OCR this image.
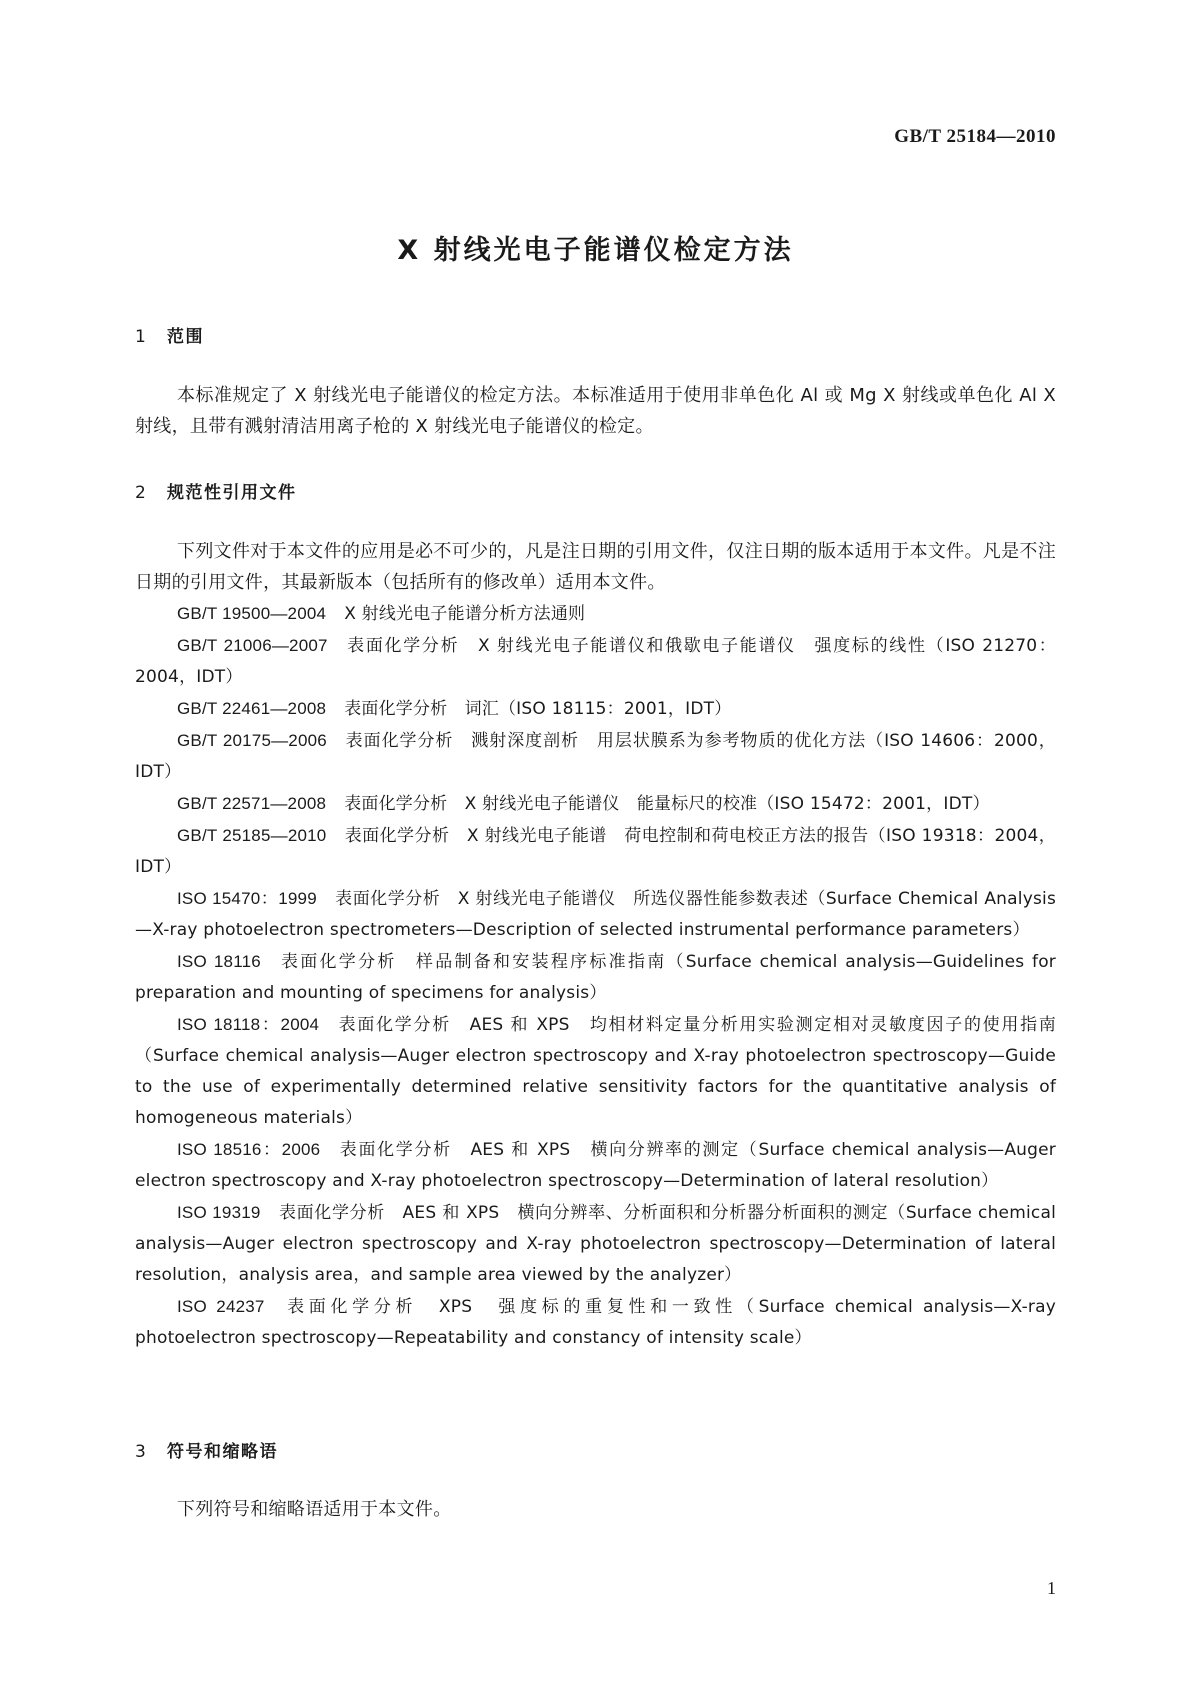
GB/T 25184—2010
X 射线光电子能谱仪检定方法
1 范围

本标准规定了 X 射线光电子能谱仪的检定方法。本标准适用于使用非单色化 Al 或 Mg X 射线或单色化 Al X 射线，且带有溅射清洁用离子枪的 X 射线光电子能谱仪的检定。

2 规范性引用文件

下列文件对于本文件的应用是必不可少的，凡是注日期的引用文件，仅注日期的版本适用于本文件。凡是不注日期的引用文件，其最新版本（包括所有的修改单）适用本文件。

GB/T 19500—2004 X 射线光电子能谱分析方法通则

GB/T 21006—2007 表面化学分析　X 射线光电子能谱仪和俄歇电子能谱仪　强度标的线性（ISO 21270：2004，IDT）

GB/T 22461—2008 表面化学分析　词汇（ISO 18115：2001，IDT）

GB/T 20175—2006 表面化学分析　溅射深度剖析　用层状膜系为参考物质的优化方法（ISO 14606：2000，IDT）

GB/T 22571—2008 表面化学分析　X 射线光电子能谱仪　能量标尺的校准（ISO 15472：2001，IDT）

GB/T 25185—2010 表面化学分析　X 射线光电子能谱　荷电控制和荷电校正方法的报告（ISO 19318：2004，IDT）

ISO 15470：1999 表面化学分析　X 射线光电子能谱仪　所选仪器性能参数表述（Surface Chemical Analysis—X-ray photoelectron spectrometers—Description of selected instrumental performance parameters）

ISO 18116 表面化学分析　样品制备和安装程序标准指南（Surface chemical analysis—Guidelines for preparation and mounting of specimens for analysis）

ISO 18118：2004 表面化学分析　AES 和 XPS　均相材料定量分析用实验测定相对灵敏度因子的使用指南（Surface chemical analysis—Auger electron spectroscopy and X-ray photoelectron spectroscopy—Guide to the use of experimentally determined relative sensitivity factors for the quantitative analysis of homogeneous materials）

ISO 18516：2006 表面化学分析　AES 和 XPS　横向分辨率的测定（Surface chemical analysis—Auger electron spectroscopy and X-ray photoelectron spectroscopy—Determination of lateral resolution）

ISO 19319 表面化学分析　AES 和 XPS　横向分辨率、分析面积和分析器分析面积的测定（Surface chemical analysis—Auger electron spectroscopy and X-ray photoelectron spectroscopy—Determination of lateral resolution，analysis area，and sample area viewed by the analyzer）

ISO 24237 表面化学分析　XPS　强度标的重复性和一致性（Surface chemical analysis—X-ray photoelectron spectroscopy—Repeatability and constancy of intensity scale）

3 符号和缩略语

下列符号和缩略语适用于本文件。

1
